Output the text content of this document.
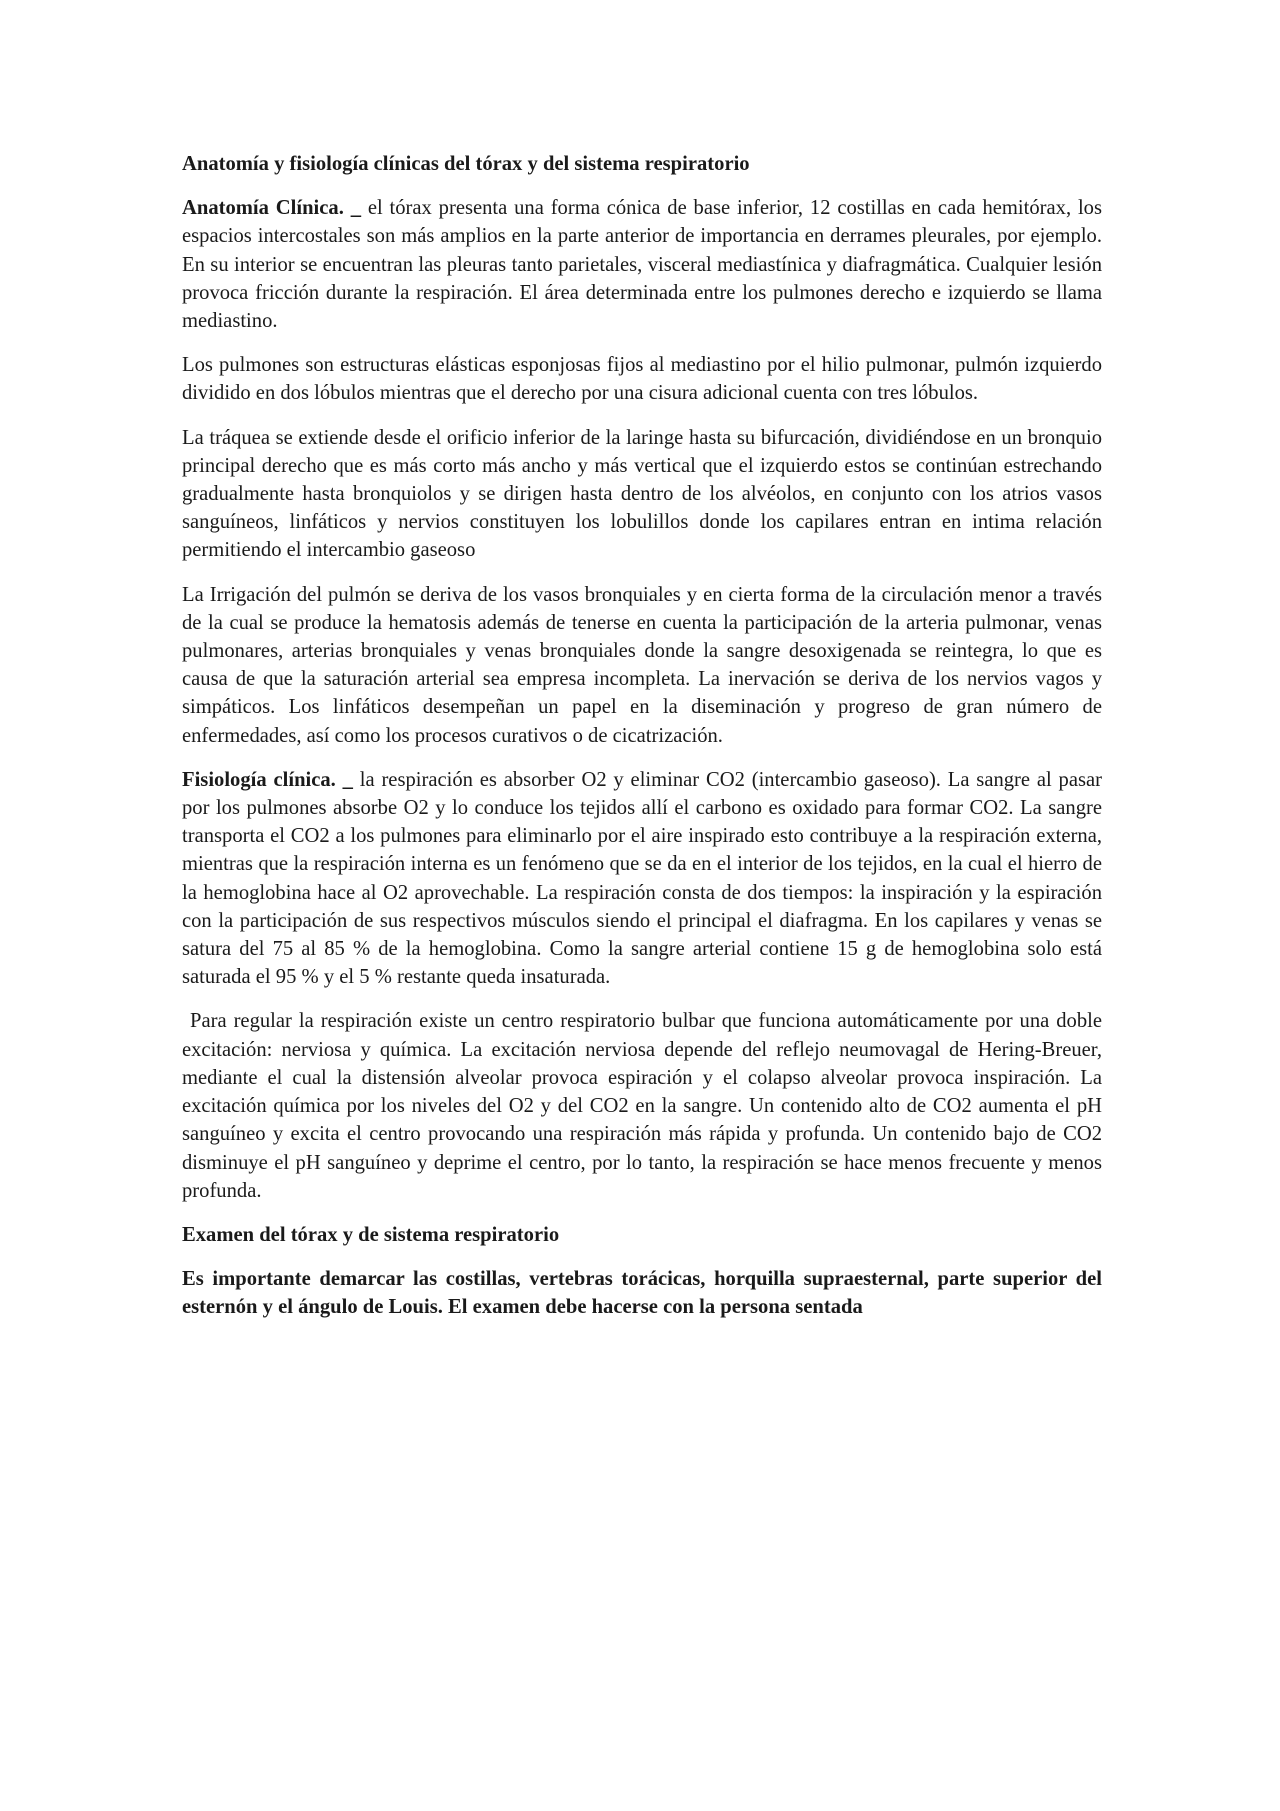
Anatomía y fisiología clínicas del tórax y del sistema respiratorio

Anatomía Clínica. _ el tórax presenta una forma cónica de base inferior, 12 costillas en cada hemitórax, los espacios intercostales son más amplios en la parte anterior de importancia en derrames pleurales, por ejemplo. En su interior se encuentran las pleuras tanto parietales, visceral mediastínica y diafragmática. Cualquier lesión provoca fricción durante la respiración. El área determinada entre los pulmones derecho e izquierdo se llama mediastino.

Los pulmones son estructuras elásticas esponjosas fijos al mediastino por el hilio pulmonar, pulmón izquierdo dividido en dos lóbulos mientras que el derecho por una cisura adicional cuenta con tres lóbulos.

La tráquea se extiende desde el orificio inferior de la laringe hasta su bifurcación, dividiéndose en un bronquio principal derecho que es más corto más ancho y más vertical que el izquierdo estos se continúan estrechando gradualmente hasta bronquiolos y se dirigen hasta dentro de los alvéolos, en conjunto con los atrios vasos sanguíneos, linfáticos y nervios constituyen los lobulillos donde los capilares entran en intima relación permitiendo el intercambio gaseoso

La Irrigación del pulmón se deriva de los vasos bronquiales y en cierta forma de la circulación menor a través de la cual se produce la hematosis además de tenerse en cuenta la participación de la arteria pulmonar, venas pulmonares, arterias bronquiales y venas bronquiales donde la sangre desoxigenada se reintegra, lo que es causa de que la saturación arterial sea empresa incompleta. La inervación se deriva de los nervios vagos y simpáticos. Los linfáticos desempeñan un papel en la diseminación y progreso de gran número de enfermedades, así como los procesos curativos o de cicatrización.

Fisiología clínica. _ la respiración es absorber O2 y eliminar CO2 (intercambio gaseoso). La sangre al pasar por los pulmones absorbe O2 y lo conduce los tejidos allí el carbono es oxidado para formar CO2. La sangre transporta el CO2 a los pulmones para eliminarlo por el aire inspirado esto contribuye a la respiración externa, mientras que la respiración interna es un fenómeno que se da en el interior de los tejidos, en la cual el hierro de la hemoglobina hace al O2 aprovechable. La respiración consta de dos tiempos: la inspiración y la espiración con la participación de sus respectivos músculos siendo el principal el diafragma. En los capilares y venas se satura del 75 al 85 % de la hemoglobina. Como la sangre arterial contiene 15 g de hemoglobina solo está saturada el 95 % y el 5 % restante queda insaturada.

Para regular la respiración existe un centro respiratorio bulbar que funciona automáticamente por una doble excitación: nerviosa y química. La excitación nerviosa depende del reflejo neumovagal de Hering-Breuer, mediante el cual la distensión alveolar provoca espiración y el colapso alveolar provoca inspiración. La excitación química por los niveles del O2 y del CO2 en la sangre. Un contenido alto de CO2 aumenta el pH sanguíneo y excita el centro provocando una respiración más rápida y profunda. Un contenido bajo de CO2 disminuye el pH sanguíneo y deprime el centro, por lo tanto, la respiración se hace menos frecuente y menos profunda.

Examen del tórax y de sistema respiratorio

Es importante demarcar las costillas, vertebras torácicas, horquilla supraesternal, parte superior del esternón y el ángulo de Louis. El examen debe hacerse con la persona sentada
